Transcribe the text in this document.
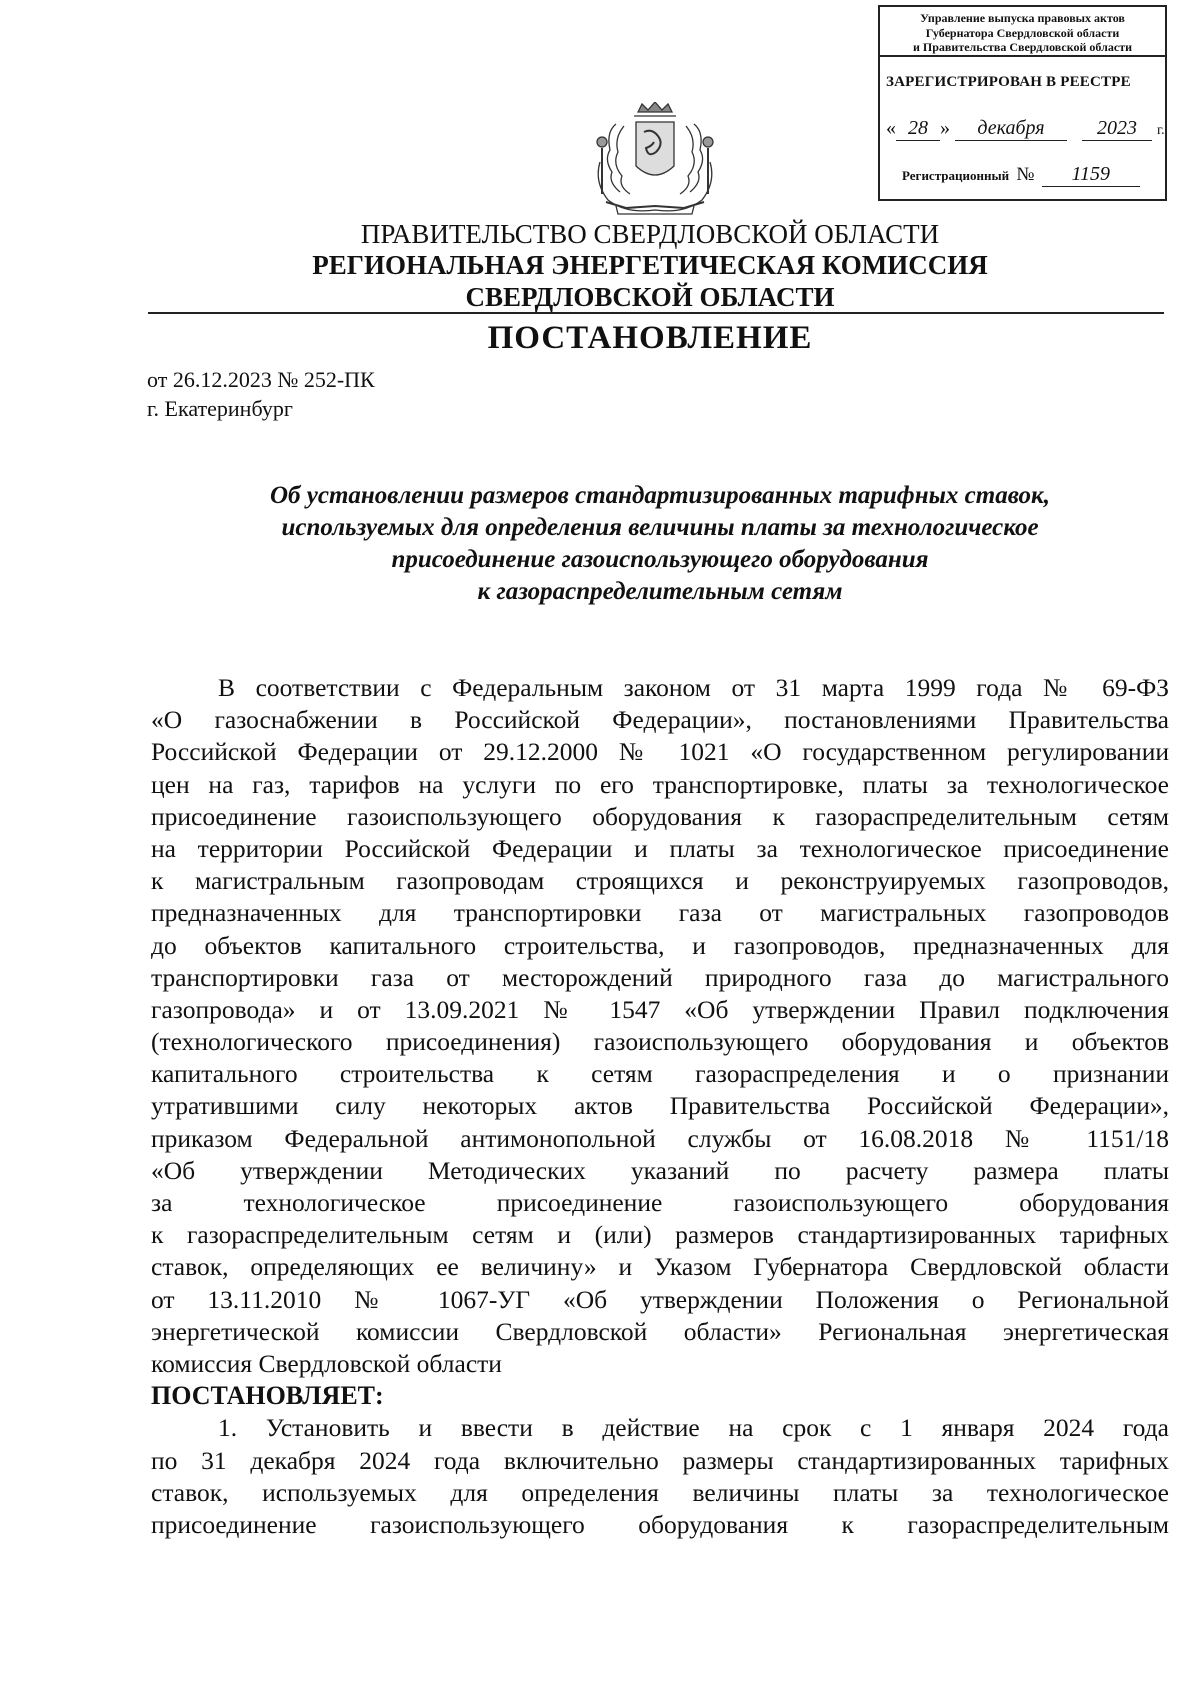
Управление выпуска правовых актов
Губернатора Свердловской области
и Правительства Свердловской области
ЗАРЕГИСТРИРОВАН В РЕЕСТРЕ
« 28 » декабря	2023 г.
Регистрационный № 1159
ПРАВИТЕЛЬСТВО СВЕРДЛОВСКОЙ ОБЛАСТИ
РЕГИОНАЛЬНАЯ ЭНЕРГЕТИЧЕСКАЯ КОМИССИЯ
СВЕРДЛОВСКОЙ ОБЛАСТИ
ПОСТАНОВЛЕНИЕ
от 26.12.2023 № 252-ПК
г. Екатеринбург
Об установлении размеров стандартизированных тарифных ставок,
используемых для определения величины платы за технологическое
присоединение газоиспользующего оборудования
к газораспределительным сетям
В соответствии с Федеральным законом от 31 марта 1999 года № 69-ФЗ
«О газоснабжении в Российской Федерации», постановлениями Правительства
Российской Федерации от 29.12.2000 № 1021 «О государственном регулировании
цен на газ, тарифов на услуги по его транспортировке, платы за технологическое
присоединение газоиспользующего оборудования к газораспределительным сетям
на территории Российской Федерации и платы за технологическое присоединение
к магистральным газопроводам строящихся и реконструируемых газопроводов,
предназначенных для транспортировки газа от магистральных газопроводов
до объектов капитального строительства, и газопроводов, предназначенных для
транспортировки газа от месторождений природного газа до магистрального
газопровода» и от 13.09.2021 № 1547 «Об утверждении Правил подключения
(технологического присоединения) газоиспользующего оборудования и объектов
капитального строительства к сетям газораспределения и о признании
утратившими силу некоторых актов Правительства Российской Федерации»,
приказом Федеральной антимонопольной службы от 16.08.2018 № 1151/18
«Об утверждении Методических указаний по расчету размера платы
за технологическое присоединение газоиспользующего оборудования
к газораспределительным сетям и (или) размеров стандартизированных тарифных
ставок, определяющих ее величину» и Указом Губернатора Свердловской области
от 13.11.2010 № 1067-УГ «Об утверждении Положения о Региональной
энергетической комиссии Свердловской области» Региональная энергетическая
комиссия Свердловской области
ПОСТАНОВЛЯЕТ:
1. Установить и ввести в действие на срок с 1 января 2024 года
по 31 декабря 2024 года включительно размеры стандартизированных тарифных
ставок, используемых для определения величины платы за технологическое
присоединение газоиспользующего оборудования к газораспределительным
